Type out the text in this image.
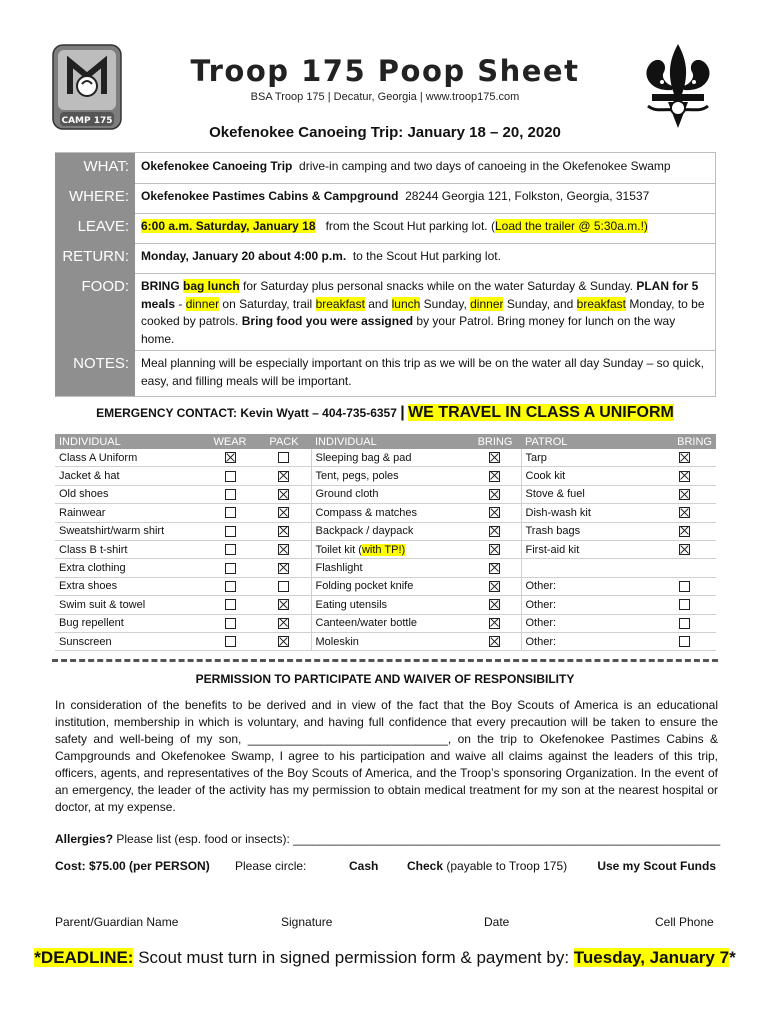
CAMP 175
Troop 175 Poop Sheet
BSA Troop 175 | Decatur, Georgia | www.troop175.com
Okefenokee Canoeing Trip: January 18 – 20, 2020
WHAT:	Okefenokee Canoeing Trip drive-in camping and two days of canoeing in the Okefenokee Swamp
WHERE:	Okefenokee Pastimes Cabins & Campground 28244 Georgia 121, Folkston, Georgia, 31537
LEAVE:	6:00 a.m. Saturday, January 18 from the Scout Hut parking lot. (Load the trailer @ 5:30a.m.!)
RETURN:	Monday, January 20 about 4:00 p.m. to the Scout Hut parking lot.
FOOD:	BRING bag lunch for Saturday plus personal snacks while on the water Saturday & Sunday. PLAN for 5 meals - dinner on Saturday, trail breakfast and lunch Sunday, dinner Sunday, and breakfast Monday, to be cooked by patrols. Bring food you were assigned by your Patrol. Bring money for lunch on the way home.
NOTES:	Meal planning will be especially important on this trip as we will be on the water all day Sunday – so quick, easy, and filling meals will be important.
EMERGENCY CONTACT: Kevin Wyatt – 404-735-6357 | WE TRAVEL IN CLASS A UNIFORM
INDIVIDUAL	WEAR	PACK	INDIVIDUAL	BRING	PATROL	BRING
Class A Uniform			Sleeping bag & pad		Tarp	
Jacket & hat			Tent, pegs, poles		Cook kit	
Old shoes			Ground cloth		Stove & fuel	
Rainwear			Compass & matches		Dish-wash kit	
Sweatshirt/warm shirt			Backpack / daypack		Trash bags	
Class B t-shirt			Toilet kit (with TP!)		First-aid kit	
Extra clothing			Flashlight			
Extra shoes			Folding pocket knife		Other:	
Swim suit & towel			Eating utensils		Other:	
Bug repellent			Canteen/water bottle		Other:	
Sunscreen			Moleskin		Other:	
PERMISSION TO PARTICIPATE AND WAIVER OF RESPONSIBILITY
In consideration of the benefits to be derived and in view of the fact that the Boy Scouts of America is an educational institution, membership in which is voluntary, and having full confidence that every precaution will be taken to ensure the safety and well-being of my son, ______________________________, on the trip to Okefenokee Pastimes Cabins & Campgrounds and Okefenokee Swamp, I agree to his participation and waive all claims against the leaders of this trip, officers, agents, and representatives of the Boy Scouts of America, and the Troop’s sponsoring Organization. In the event of an emergency, the leader of the activity has my permission to obtain medical treatment for my son at the nearest hospital or doctor, at my expense.
Allergies? Please list (esp. food or insects): ________________________________________________________________
Cost: $75.00 (per PERSON) Please circle:	Cash Check (payable to Troop 175)	Use my Scout Funds
Parent/Guardian Name	Signature	Date	Cell Phone
*DEADLINE: Scout must turn in signed permission form & payment by: Tuesday, January 7*
